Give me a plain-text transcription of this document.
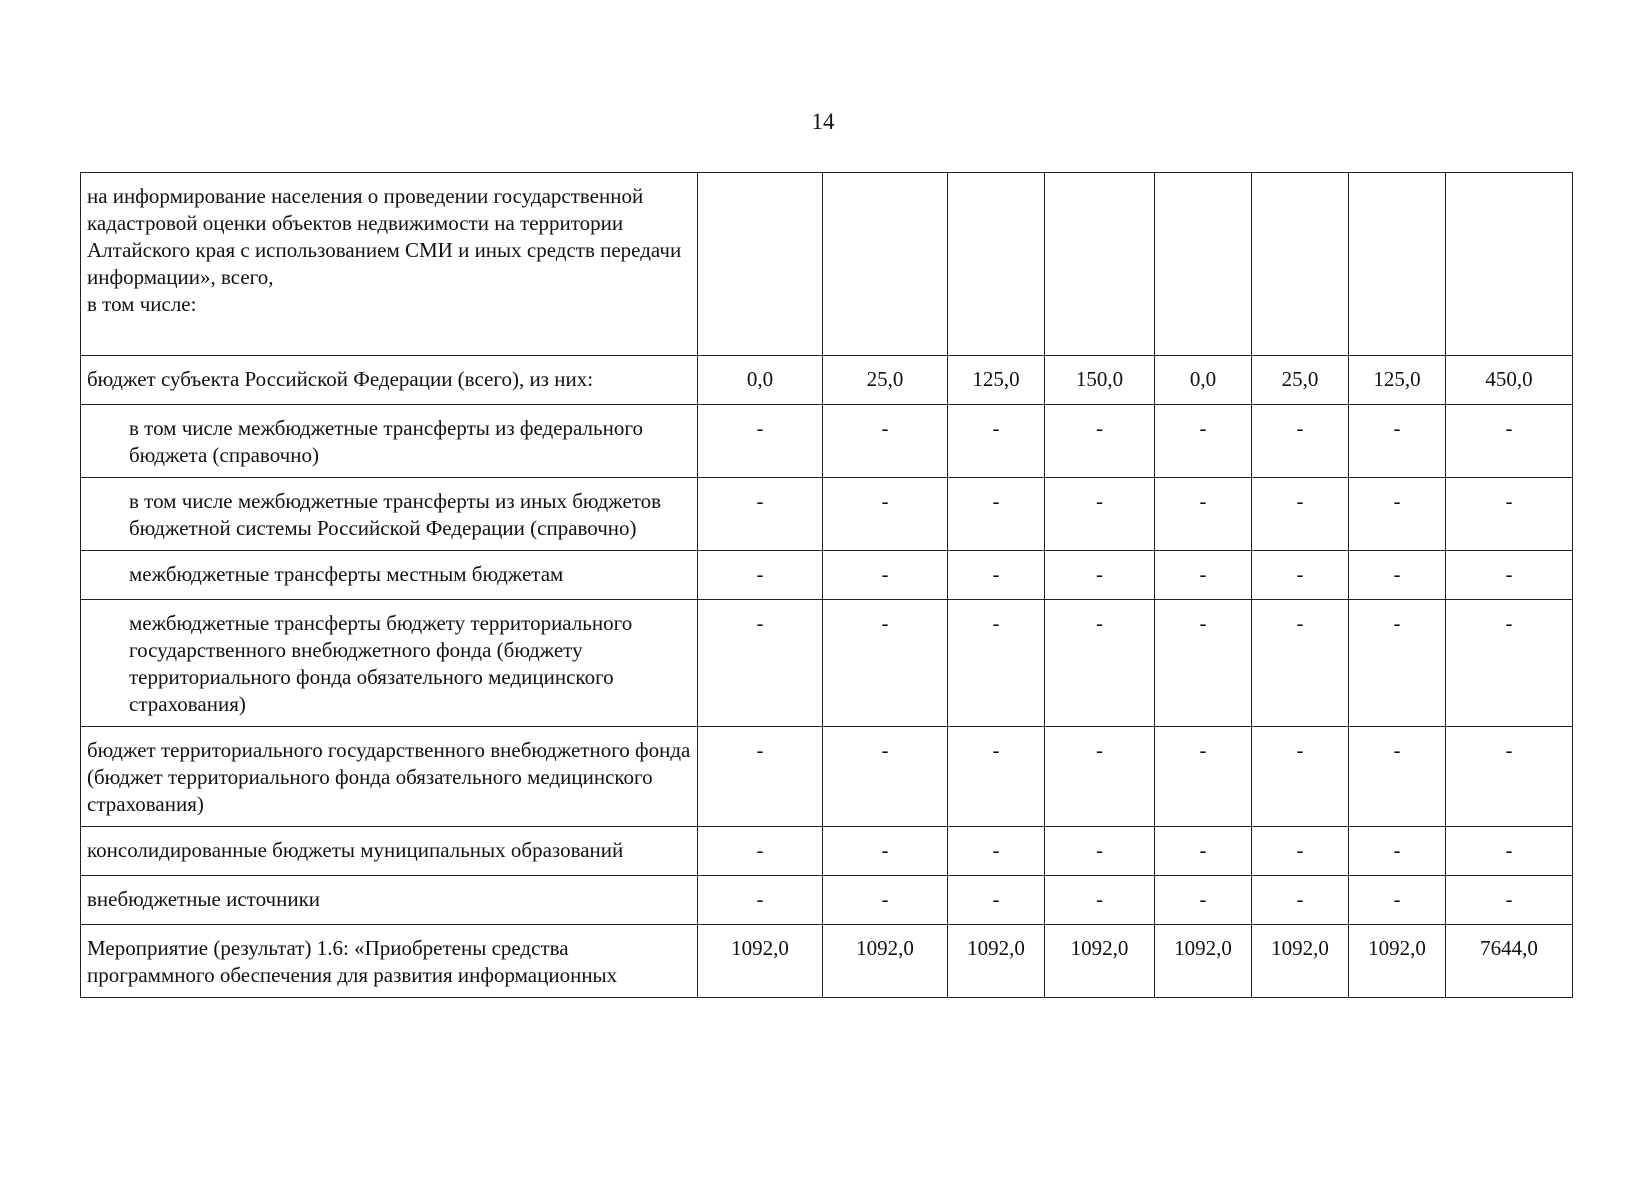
14
на информирование населения о проведении государственной кадастровой оценки объектов недвижимости на территории Алтайского края с использованием СМИ и иных средств передачи информации», всего,
в том числе:								
бюджет субъекта Российской Федерации (всего), из них:	0,0	25,0	125,0	150,0	0,0	25,0	125,0	450,0
в том числе межбюджетные трансферты из федерального бюджета (справочно)	-	-	-	-	-	-	-	-
в том числе межбюджетные трансферты из иных бюджетов бюджетной системы Российской Федерации (справочно)	-	-	-	-	-	-	-	-
межбюджетные трансферты местным бюджетам	-	-	-	-	-	-	-	-
межбюджетные трансферты бюджету территориального государственного внебюджетного фонда (бюджету территориального фонда обязательного медицинского страхования)	-	-	-	-	-	-	-	-
бюджет территориального государственного внебюджетного фонда (бюджет территориального фонда обязательного медицинского страхования)	-	-	-	-	-	-	-	-
консолидированные бюджеты муниципальных образований	-	-	-	-	-	-	-	-
внебюджетные источники	-	-	-	-	-	-	-	-
Мероприятие (результат) 1.6: «Приобретены средства программного обеспечения для развития информационных	1092,0	1092,0	1092,0	1092,0	1092,0	1092,0	1092,0	7644,0
